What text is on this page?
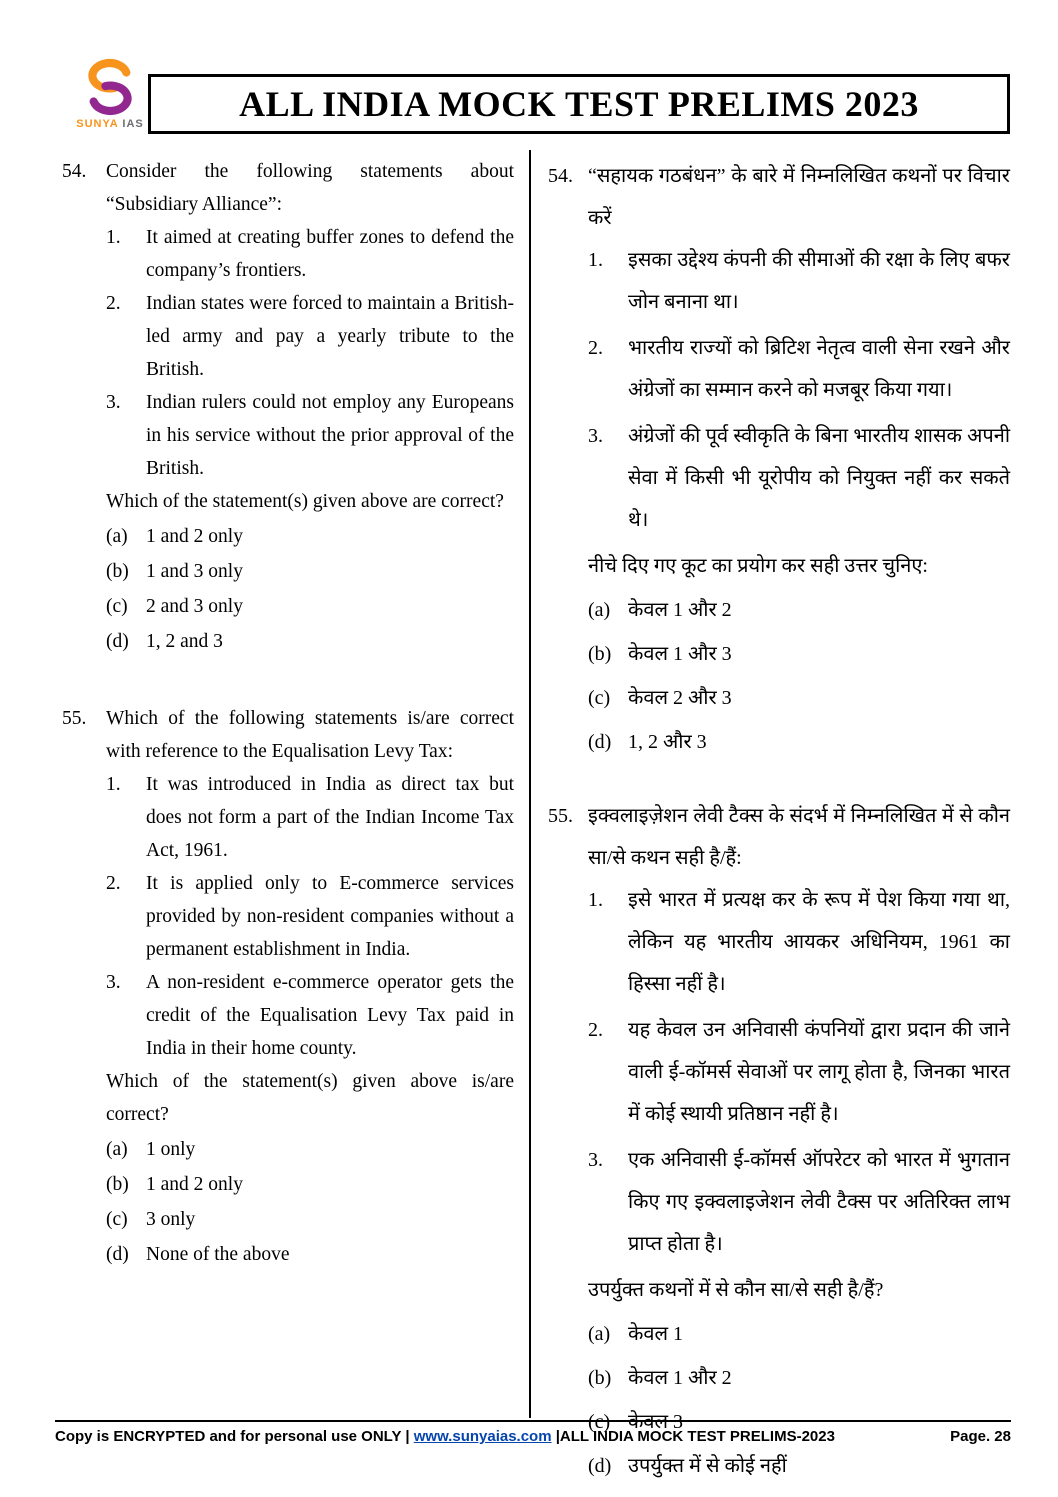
SUNYA IAS	ALL INDIA MOCK TEST PRELIMS 2023
54.	Consider the following statements about “Subsidiary Alliance”:

1.	It aimed at creating buffer zones to defend the company’s frontiers.
2.	Indian states were forced to maintain a British-led army and pay a yearly tribute to the British.
3.	Indian rulers could not employ any Europeans in his service without the prior approval of the British.

Which of the statement(s) given above are correct?

(a) 1 and 2 only
(b) 1 and 3 only
(c) 2 and 3 only
(d) 1, 2 and 3
55.	Which of the following statements is/are correct with reference to the Equalisation Levy Tax:

1.	It was introduced in India as direct tax but does not form a part of the Indian Income Tax Act, 1961.
2.	It is applied only to E-commerce services provided by non-resident companies without a permanent establishment in India.
3.	A non-resident e-commerce operator gets the credit of the Equalisation Levy Tax paid in India in their home county.

Which of the statement(s) given above is/are correct?

(a) 1 only
(b) 1 and 2 only
(c) 3 only
(d) None of the above
54. “सहायक गठबंधन” के बारे में निम्नलिखित कथनों पर विचार करें

1.	इसका उद्देश्य कंपनी की सीमाओं की रक्षा के लिए बफर जोन बनाना था।
2.	भारतीय राज्यों को ब्रिटिश नेतृत्व वाली सेना रखने और अंग्रेजों का सम्मान करने को मजबूर किया गया।
3.	अंग्रेजों की पूर्व स्वीकृति के बिना भारतीय शासक अपनी सेवा में किसी भी यूरोपीय को नियुक्त नहीं कर सकते थे।

नीचे दिए गए कूट का प्रयोग कर सही उत्तर चुनिए:

(a) केवल 1 और 2
(b) केवल 1 और 3
(c) केवल 2 और 3
(d) 1, 2 और 3
55. इक्वलाइज़ेशन लेवी टैक्स के संदर्भ में निम्नलिखित में से कौन सा/से कथन सही है/हैं:

1.	इसे भारत में प्रत्यक्ष कर के रूप में पेश किया गया था, लेकिन यह भारतीय आयकर अधिनियम, 1961 का हिस्सा नहीं है।
2.	यह केवल उन अनिवासी कंपनियों द्वारा प्रदान की जाने वाली ई-कॉमर्स सेवाओं पर लागू होता है, जिनका भारत में कोई स्थायी प्रतिष्ठान नहीं है।
3.	एक अनिवासी ई-कॉमर्स ऑपरेटर को भारत में भुगतान किए गए इक्वलाइजेशन लेवी टैक्स पर अतिरिक्त लाभ प्राप्त होता है।

उपर्युक्त कथनों में से कौन सा/से सही है/हैं?

(a) केवल 1
(b) केवल 1 और 2
(c) केवल 3
(d) उपर्युक्त में से कोई नहीं
Copy is ENCRYPTED and for personal use ONLY | www.sunyaias.com |ALL INDIA MOCK TEST PRELIMS-2023	Page. 28
